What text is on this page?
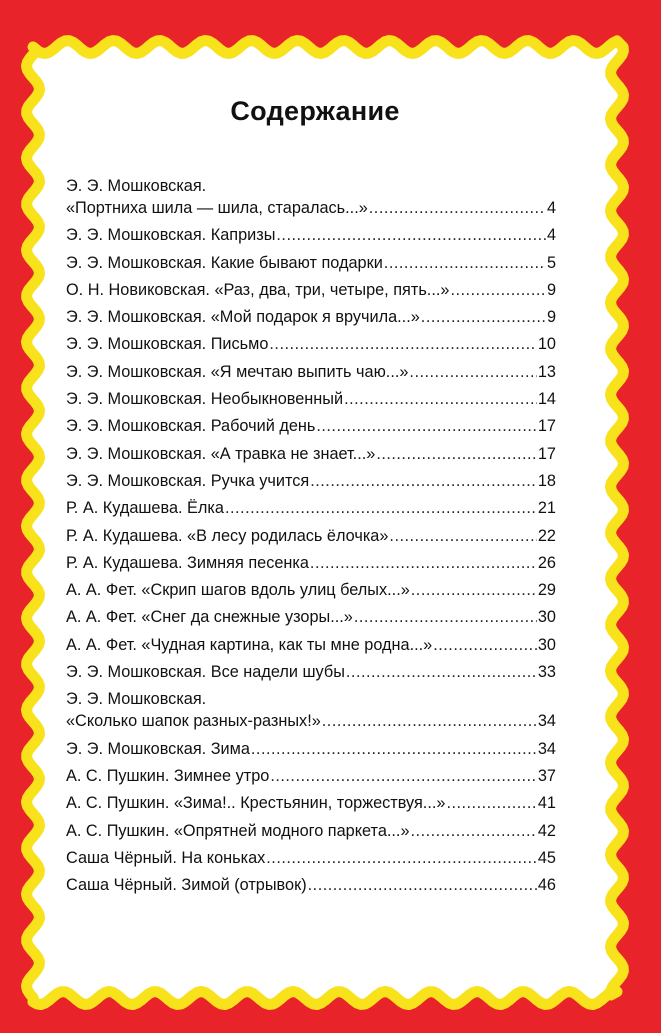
Содержание
Э. Э. Мошковская.
«Портниха шила — шила, старалась...» .....	4
Э. Э. Мошковская. Капризы .....	4
Э. Э. Мошковская. Какие бывают подарки .....	5
О. Н. Новиковская. «Раз, два, три, четыре, пять...» .....	9
Э. Э. Мошковская. «Мой подарок я вручила...» .....	9
Э. Э. Мошковская. Письмо .....	10
Э. Э. Мошковская. «Я мечтаю выпить чаю...» .....	13
Э. Э. Мошковская. Необыкновенный .....	14
Э. Э. Мошковская. Рабочий день .....	17
Э. Э. Мошковская. «А травка не знает...» .....	17
Э. Э. Мошковская. Ручка учится .....	18
Р. А. Кудашева. Ёлка .....	21
Р. А. Кудашева. «В лесу родилась ёлочка» .....	22
Р. А. Кудашева. Зимняя песенка .....	26
А. А. Фет. «Скрип шагов вдоль улиц белых...» .....	29
А. А. Фет. «Снег да снежные узоры...» .....	30
А. А. Фет. «Чудная картина, как ты мне родна...» .....	30
Э. Э. Мошковская. Все надели шубы .....	33
Э. Э. Мошковская.
«Сколько шапок разных-разных!» .....	34
Э. Э. Мошковская. Зима .....	34
А. С. Пушкин. Зимнее утро .....	37
А. С. Пушкин. «Зима!.. Крестьянин, торжествуя...» .....	41
А. С. Пушкин. «Опрятней модного паркета...» .....	42
Саша Чёрный. На коньках .....	45
Саша Чёрный. Зимой (отрывок) .....	46
